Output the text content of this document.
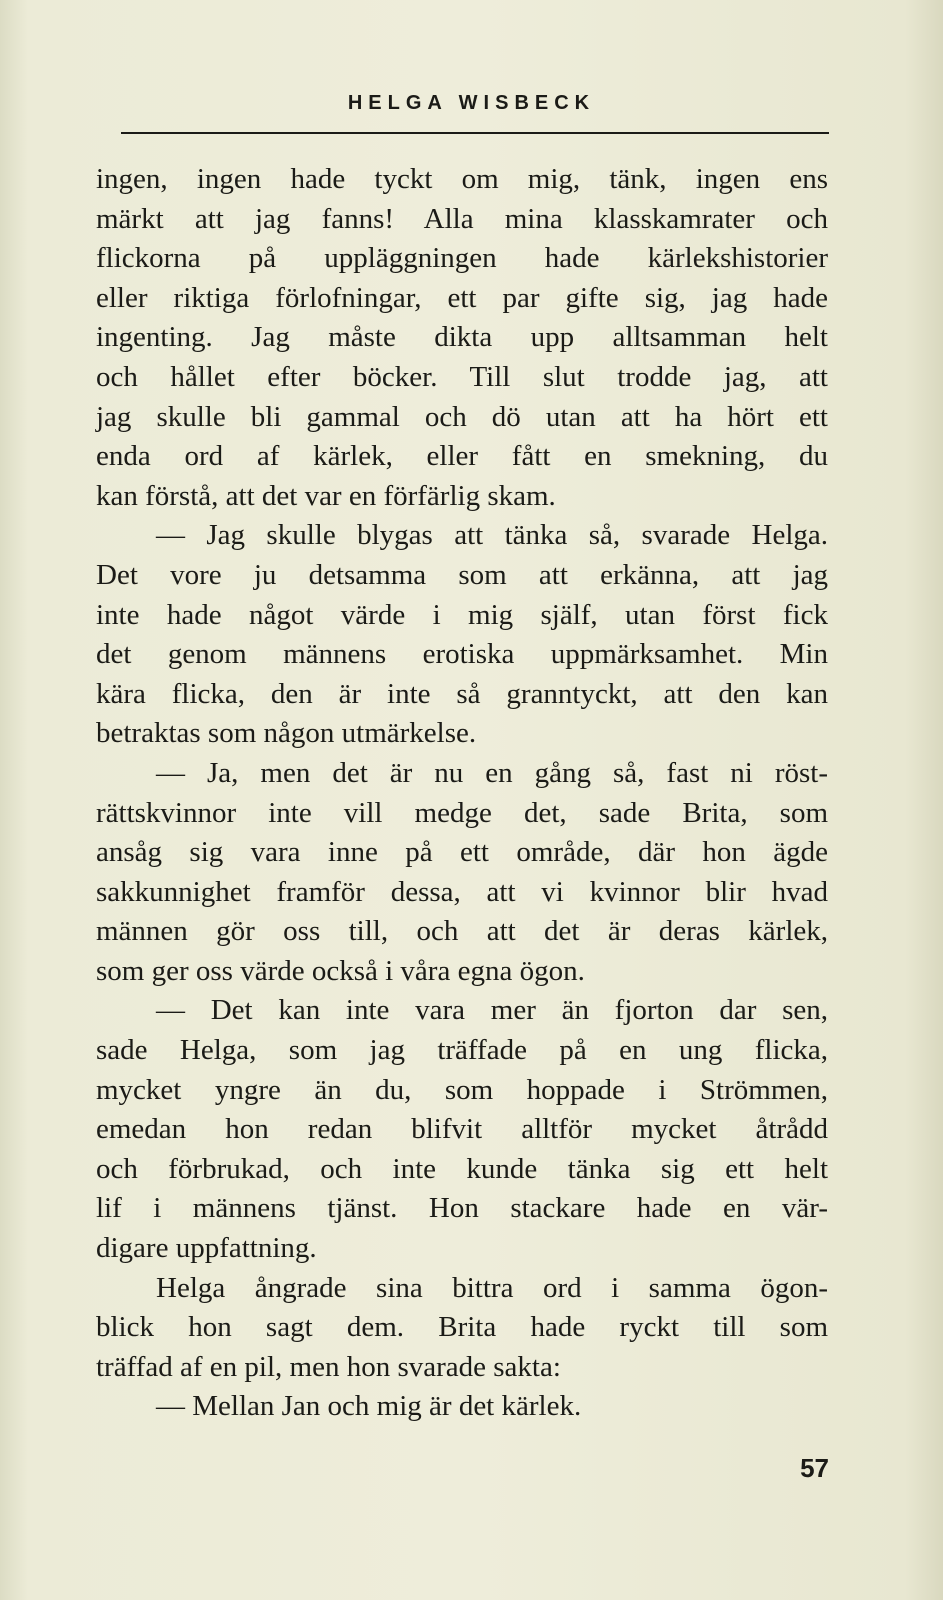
HELGA WISBECK
ingen, ingen hade tyckt om mig, tänk, ingen ens
märkt att jag fanns! Alla mina klasskamrater och
flickorna på uppläggningen hade kärlekshistorier
eller riktiga förlofningar, ett par gifte sig, jag hade
ingenting. Jag måste dikta upp alltsamman helt
och hållet efter böcker. Till slut trodde jag, att
jag skulle bli gammal och dö utan att ha hört ett
enda ord af kärlek, eller fått en smekning, du
kan förstå, att det var en förfärlig skam.
— Jag skulle blygas att tänka så, svarade Helga.
Det vore ju detsamma som att erkänna, att jag
inte hade något värde i mig själf, utan först fick
det genom männens erotiska uppmärksamhet. Min
kära flicka, den är inte så granntyckt, att den kan
betraktas som någon utmärkelse.
— Ja, men det är nu en gång så, fast ni röst-
rättskvinnor inte vill medge det, sade Brita, som
ansåg sig vara inne på ett område, där hon ägde
sakkunnighet framför dessa, att vi kvinnor blir hvad
männen gör oss till, och att det är deras kärlek,
som ger oss värde också i våra egna ögon.
— Det kan inte vara mer än fjorton dar sen,
sade Helga, som jag träffade på en ung flicka,
mycket yngre än du, som hoppade i Strömmen,
emedan hon redan blifvit alltför mycket åtrådd
och förbrukad, och inte kunde tänka sig ett helt
lif i männens tjänst. Hon stackare hade en vär-
digare uppfattning.
Helga ångrade sina bittra ord i samma ögon-
blick hon sagt dem. Brita hade ryckt till som
träffad af en pil, men hon svarade sakta:
— Mellan Jan och mig är det kärlek.
57
